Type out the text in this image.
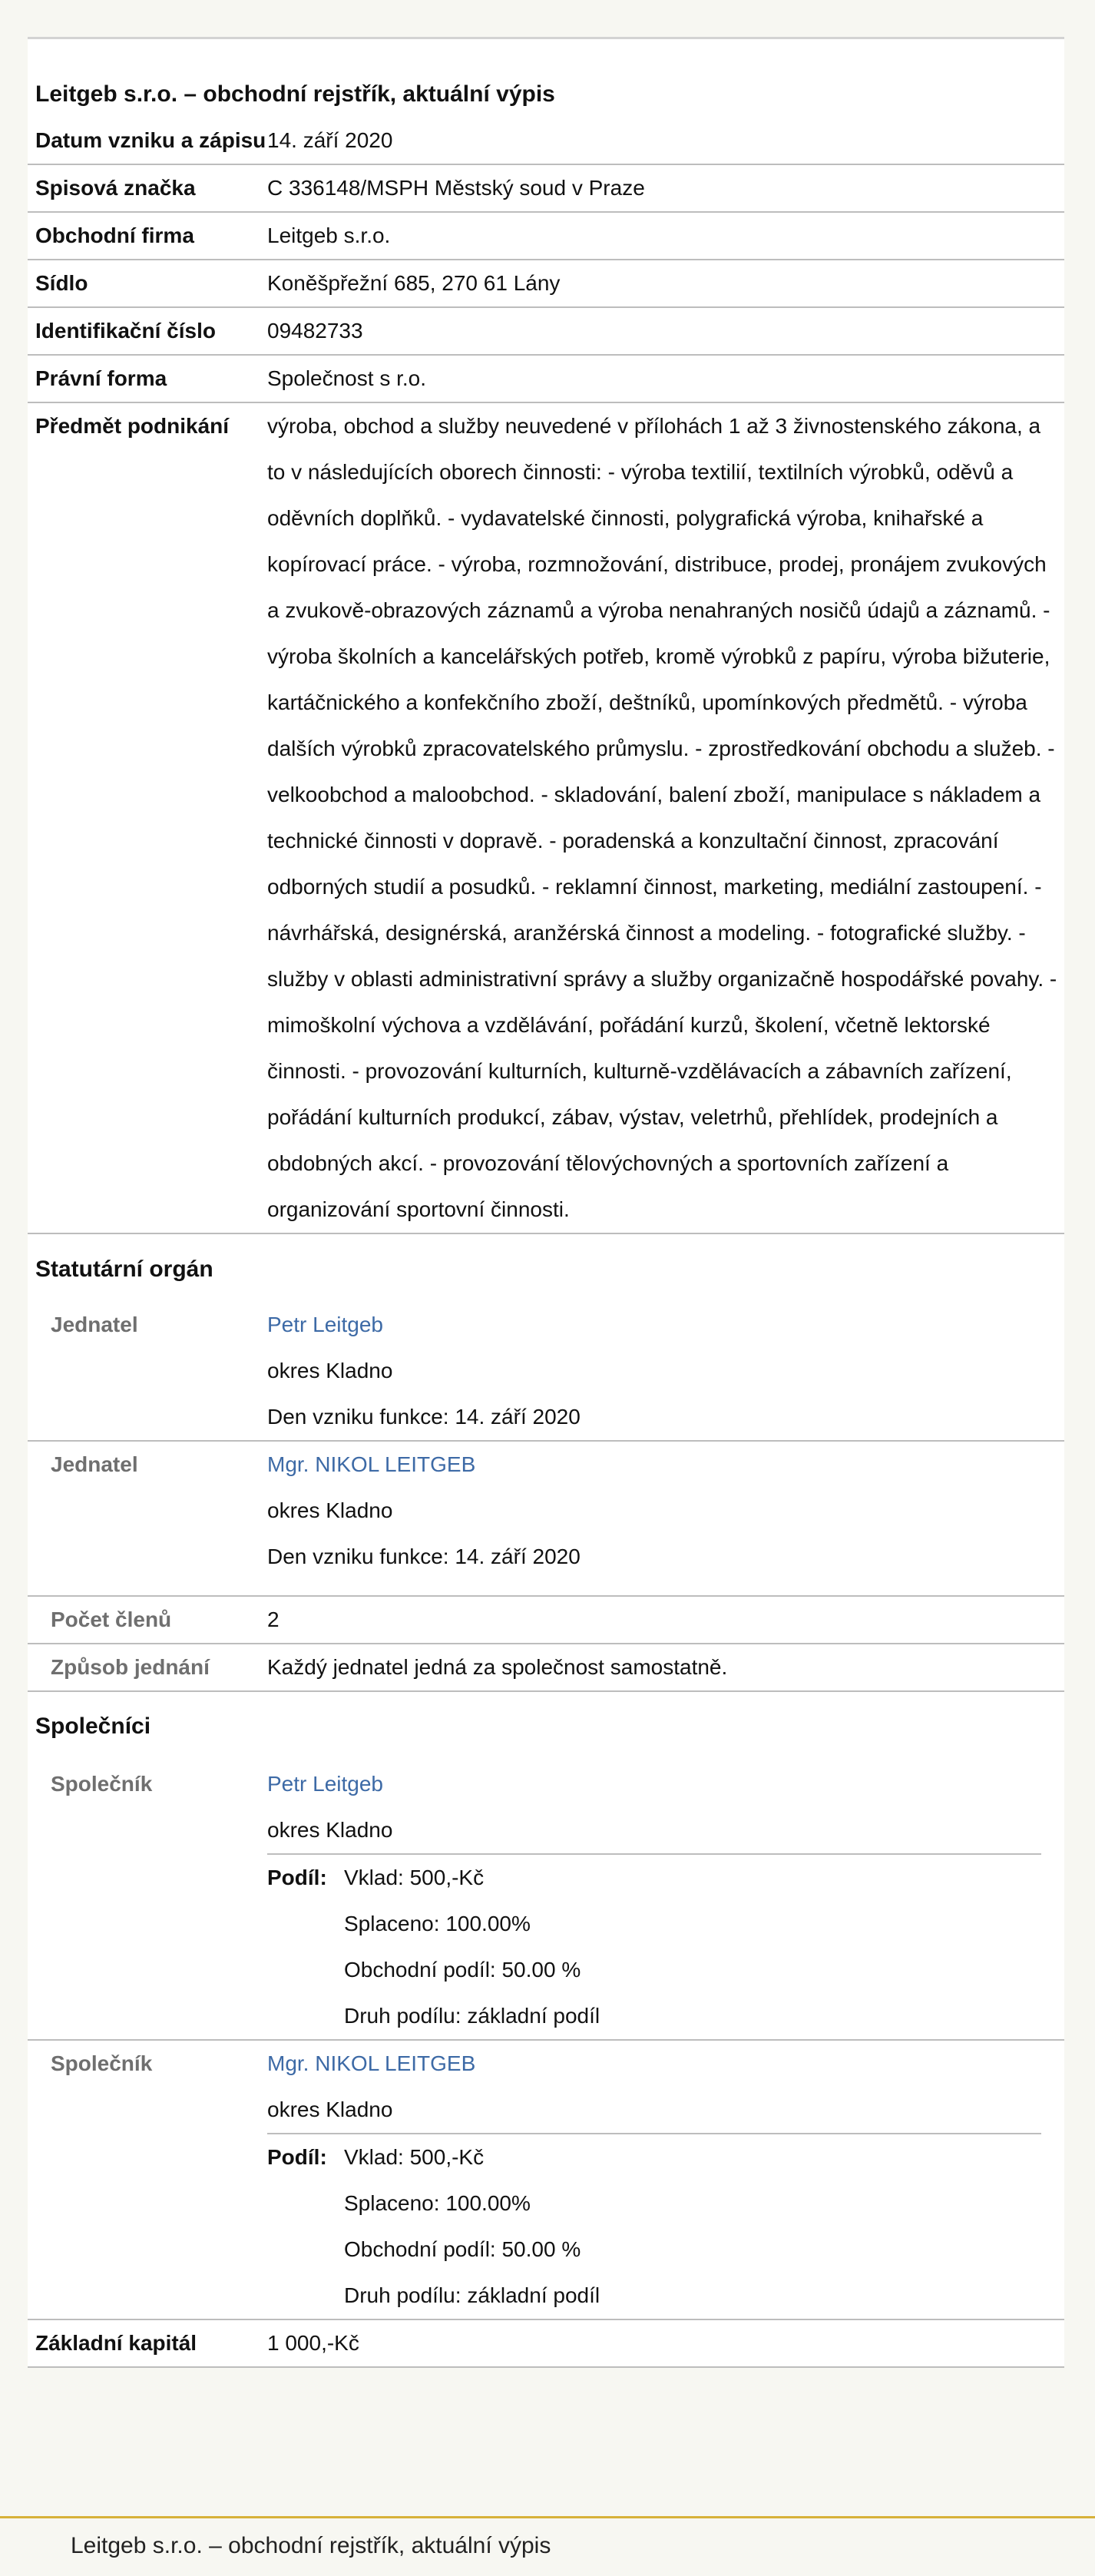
Leitgeb s.r.o. – obchodní rejstřík, aktuální výpis
Datum vzniku a zápisu 14. září 2020
Spisová značka	C 336148/MSPH Městský soud v Praze
Obchodní firma	Leitgeb s.r.o.
Sídlo	Koněšpřežní 685, 270 61 Lány
Identifikační číslo	09482733
Právní forma	Společnost s r.o.
Předmět podnikání	výroba, obchod a služby neuvedené v přílohách 1 až 3 živnostenského zákona, a to v následujících oborech činnosti: - výroba textilií, textilních výrobků, oděvů a oděvních doplňků. - vydavatelské činnosti, polygrafická výroba, knihařské a kopírovací práce. - výroba, rozmnožování, distribuce, prodej, pronájem zvukových a zvukově-obrazových záznamů a výroba nenahraných nosičů údajů a záznamů. - výroba školních a kancelářských potřeb, kromě výrobků z papíru, výroba bižuterie, kartáčnického a konfekčního zboží, deštníků, upomínkových předmětů. - výroba dalších výrobků zpracovatelského průmyslu. - zprostředkování obchodu a služeb. - velkoobchod a maloobchod. - skladování, balení zboží, manipulace s nákladem a technické činnosti v dopravě. - poradenská a konzultační činnost, zpracování odborných studií a posudků. - reklamní činnost, marketing, mediální zastoupení. - návrhářská, designérská, aranžérská činnost a modeling. - fotografické služby. - služby v oblasti administrativní správy a služby organizačně hospodářské povahy. - mimoškolní výchova a vzdělávání, pořádání kurzů, školení, včetně lektorské činnosti. - provozování kulturních, kulturně-vzdělávacích a zábavních zařízení, pořádání kulturních produkcí, zábav, výstav, veletrhů, přehlídek, prodejních a obdobných akcí. - provozování tělovýchovných a sportovních zařízení a organizování sportovní činnosti.
Statutární orgán
Jednatel	Petr Leitgeb
okres Kladno
Den vzniku funkce: 14. září 2020
Jednatel	Mgr. NIKOL LEITGEB
okres Kladno
Den vzniku funkce: 14. září 2020
Počet členů	2
Způsob jednání	Každý jednatel jedná za společnost samostatně.
Společníci
Společník	Petr Leitgeb
okres Kladno
Podíl: Vklad: 500,-Kč
Splaceno: 100.00%
Obchodní podíl: 50.00 %
Druh podílu: základní podíl
Společník	Mgr. NIKOL LEITGEB
okres Kladno
Podíl: Vklad: 500,-Kč
Splaceno: 100.00%
Obchodní podíl: 50.00 %
Druh podílu: základní podíl
Základní kapitál	1 000,-Kč
Leitgeb s.r.o. – obchodní rejstřík, aktuální výpis
